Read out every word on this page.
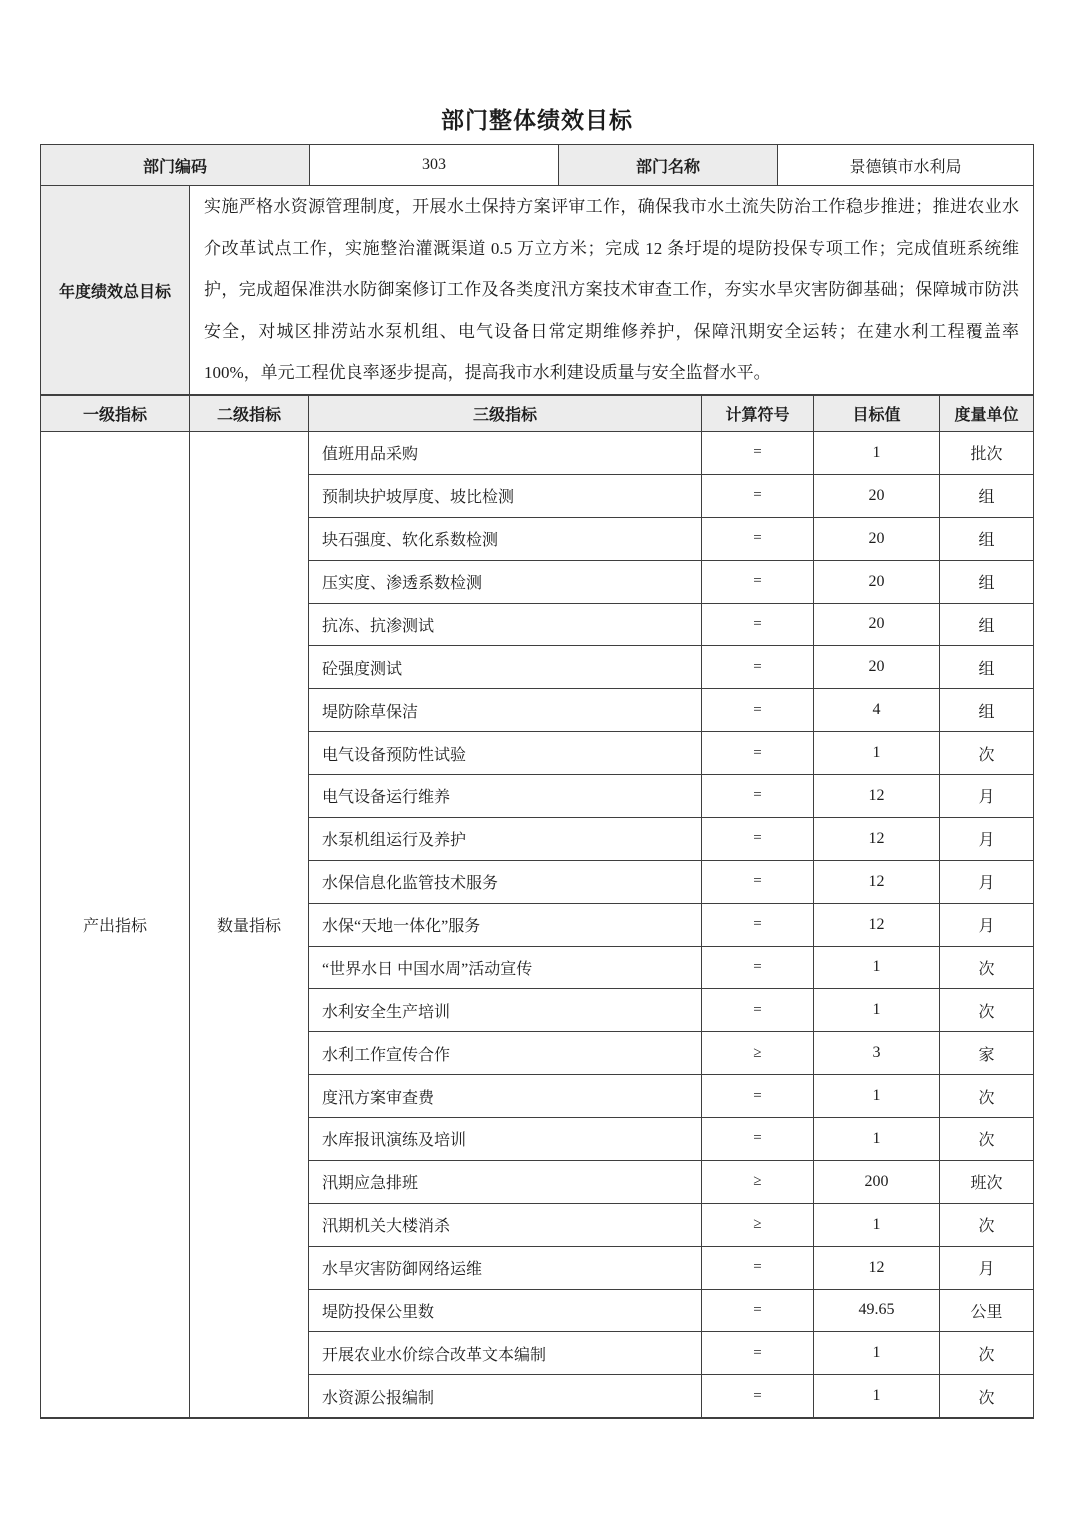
部门整体绩效目标
部门编码	303	部门名称	景德镇市水利局
年度绩效总目标
实施严格水资源管理制度，开展水土保持方案评审工作，确保我市水土流失防治工作稳步推进；推进农业水介改革试点工作，实施整治灌溉渠道 0.5 万立方米；完成 12 条圩堤的堤防投保专项工作；完成值班系统维护，完成超保准洪水防御案修订工作及各类度汛方案技术审查工作，夯实水旱灾害防御基础；保障城市防洪安全，对城区排涝站水泵机组、电气设备日常定期维修养护，保障汛期安全运转；在建水利工程覆盖率 100%，单元工程优良率逐步提高，提高我市水利建设质量与安全监督水平。
一级指标	二级指标	三级指标	计算符号	目标值	度量单位
产出指标	数量指标
值班用品采购	=	1	批次
预制块护坡厚度、坡比检测	=	20	组
块石强度、软化系数检测	=	20	组
压实度、渗透系数检测	=	20	组
抗冻、抗渗测试	=	20	组
砼强度测试	=	20	组
堤防除草保洁	=	4	组
电气设备预防性试验	=	1	次
电气设备运行维养	=	12	月
水泵机组运行及养护	=	12	月
水保信息化监管技术服务	=	12	月
水保“天地一体化”服务	=	12	月
“世界水日 中国水周”活动宣传	=	1	次
水利安全生产培训	=	1	次
水利工作宣传合作	≥	3	家
度汛方案审查费	=	1	次
水库报讯演练及培训	=	1	次
汛期应急排班	≥	200	班次
汛期机关大楼消杀	≥	1	次
水旱灾害防御网络运维	=	12	月
堤防投保公里数	=	49.65	公里
开展农业水价综合改革文本编制	=	1	次
水资源公报编制	=	1	次
